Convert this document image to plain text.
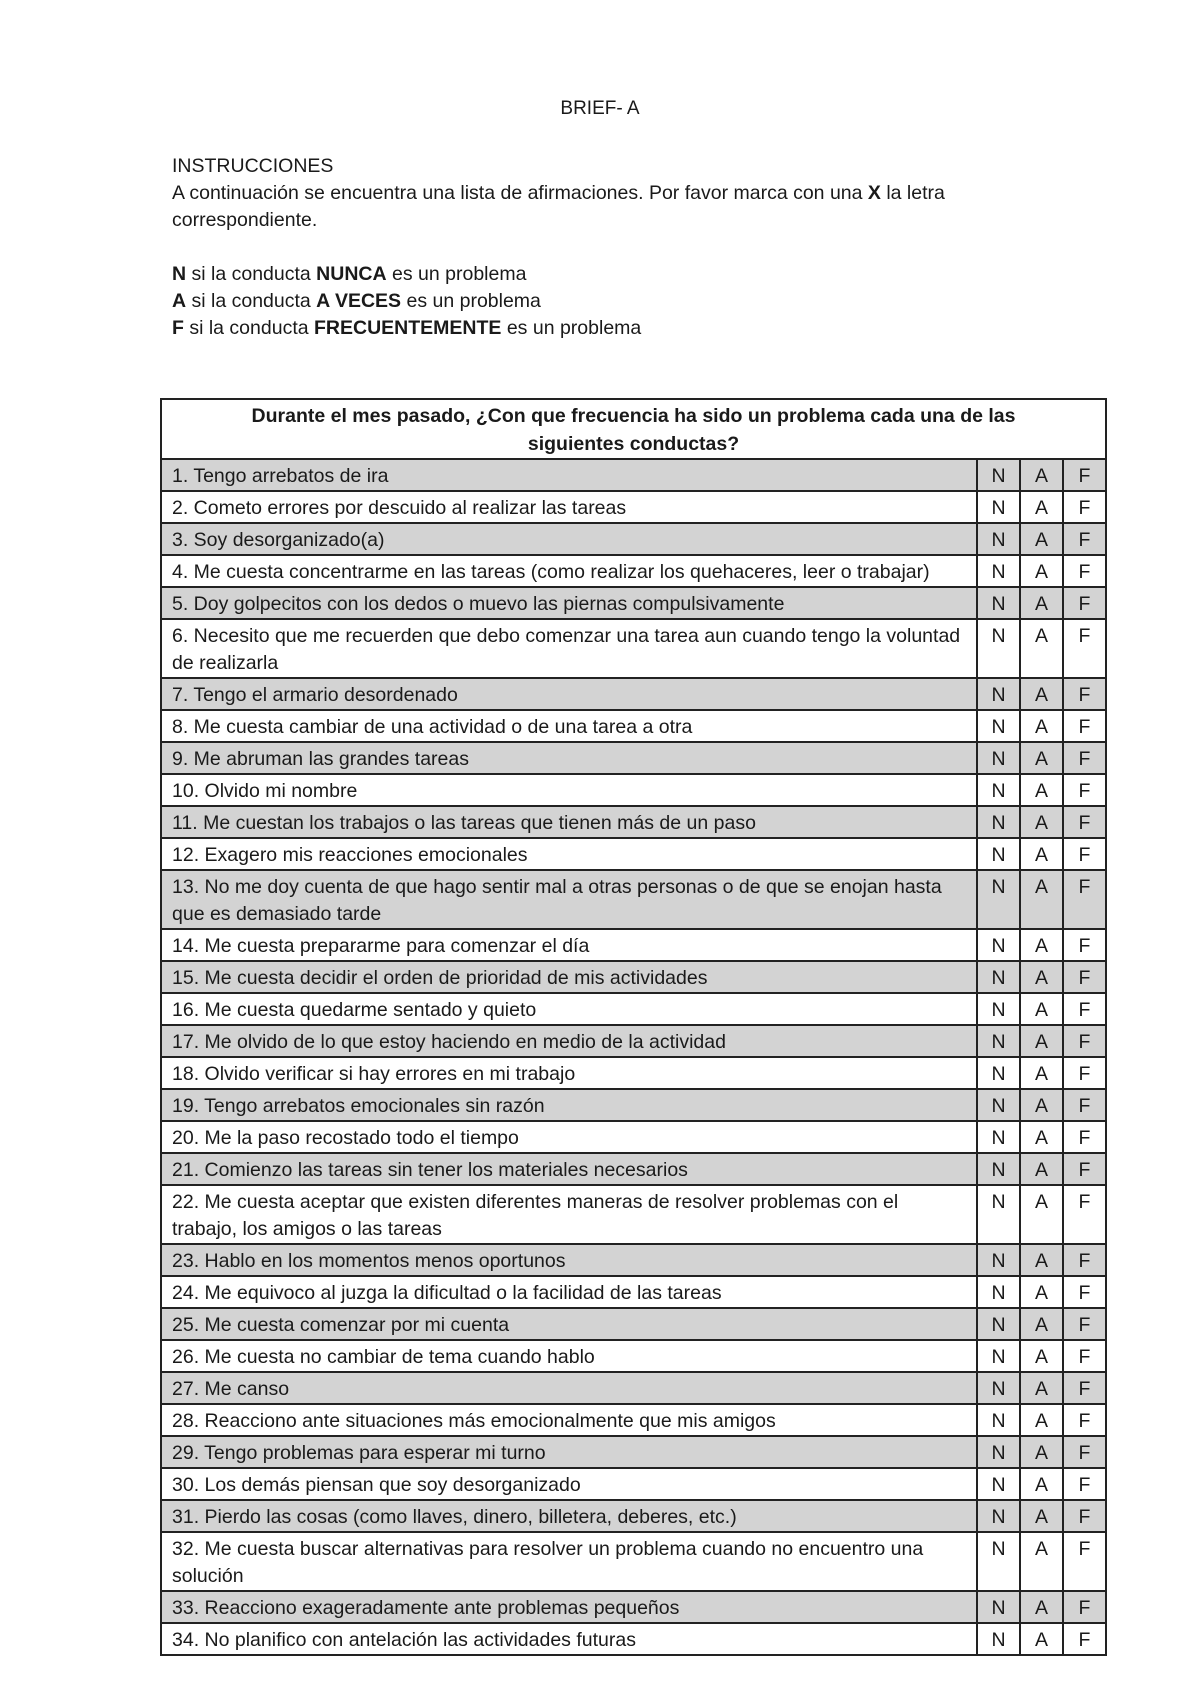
BRIEF- A

INSTRUCCIONES

A continuación se encuentra una lista de afirmaciones. Por favor marca con una X la letra correspondiente.

N si la conducta NUNCA es un problema

A si la conducta A VECES es un problema

F si la conducta FRECUENTEMENTE es un problema

Durante el mes pasado, ¿Con que frecuencia ha sido un problema cada una de las siguientes conductas?			
1. Tengo arrebatos de ira	N	A	F
2. Cometo errores por descuido al realizar las tareas	N	A	F
3. Soy desorganizado(a)	N	A	F
4. Me cuesta concentrarme en las tareas (como realizar los quehaceres, leer o trabajar)	N	A	F
5. Doy golpecitos con los dedos o muevo las piernas compulsivamente	N	A	F
6. Necesito que me recuerden que debo comenzar una tarea aun cuando tengo la voluntad de realizarla	N	A	F
7. Tengo el armario desordenado	N	A	F
8. Me cuesta cambiar de una actividad o de una tarea a otra	N	A	F
9. Me abruman las grandes tareas	N	A	F
10. Olvido mi nombre	N	A	F
11. Me cuestan los trabajos o las tareas que tienen más de un paso	N	A	F
12. Exagero mis reacciones emocionales	N	A	F
13. No me doy cuenta de que hago sentir mal a otras personas o de que se enojan hasta que es demasiado tarde	N	A	F
14. Me cuesta prepararme para comenzar el día	N	A	F
15. Me cuesta decidir el orden de prioridad de mis actividades	N	A	F
16. Me cuesta quedarme sentado y quieto	N	A	F
17. Me olvido de lo que estoy haciendo en medio de la actividad	N	A	F
18. Olvido verificar si hay errores en mi trabajo	N	A	F
19. Tengo arrebatos emocionales sin razón	N	A	F
20. Me la paso recostado todo el tiempo	N	A	F
21. Comienzo las tareas sin tener los materiales necesarios	N	A	F
22. Me cuesta aceptar que existen diferentes maneras de resolver problemas con el trabajo, los amigos o las tareas	N	A	F
23. Hablo en los momentos menos oportunos	N	A	F
24. Me equivoco al juzga la dificultad o la facilidad de las tareas	N	A	F
25. Me cuesta comenzar por mi cuenta	N	A	F
26. Me cuesta no cambiar de tema cuando hablo	N	A	F
27. Me canso	N	A	F
28. Reacciono ante situaciones más emocionalmente que mis amigos	N	A	F
29. Tengo problemas para esperar mi turno	N	A	F
30. Los demás piensan que soy desorganizado	N	A	F
31. Pierdo las cosas (como llaves, dinero, billetera, deberes, etc.)	N	A	F
32. Me cuesta buscar alternativas para resolver un problema cuando no encuentro una solución	N	A	F
33. Reacciono exageradamente ante problemas pequeños	N	A	F
34. No planifico con antelación las actividades futuras	N	A	F
